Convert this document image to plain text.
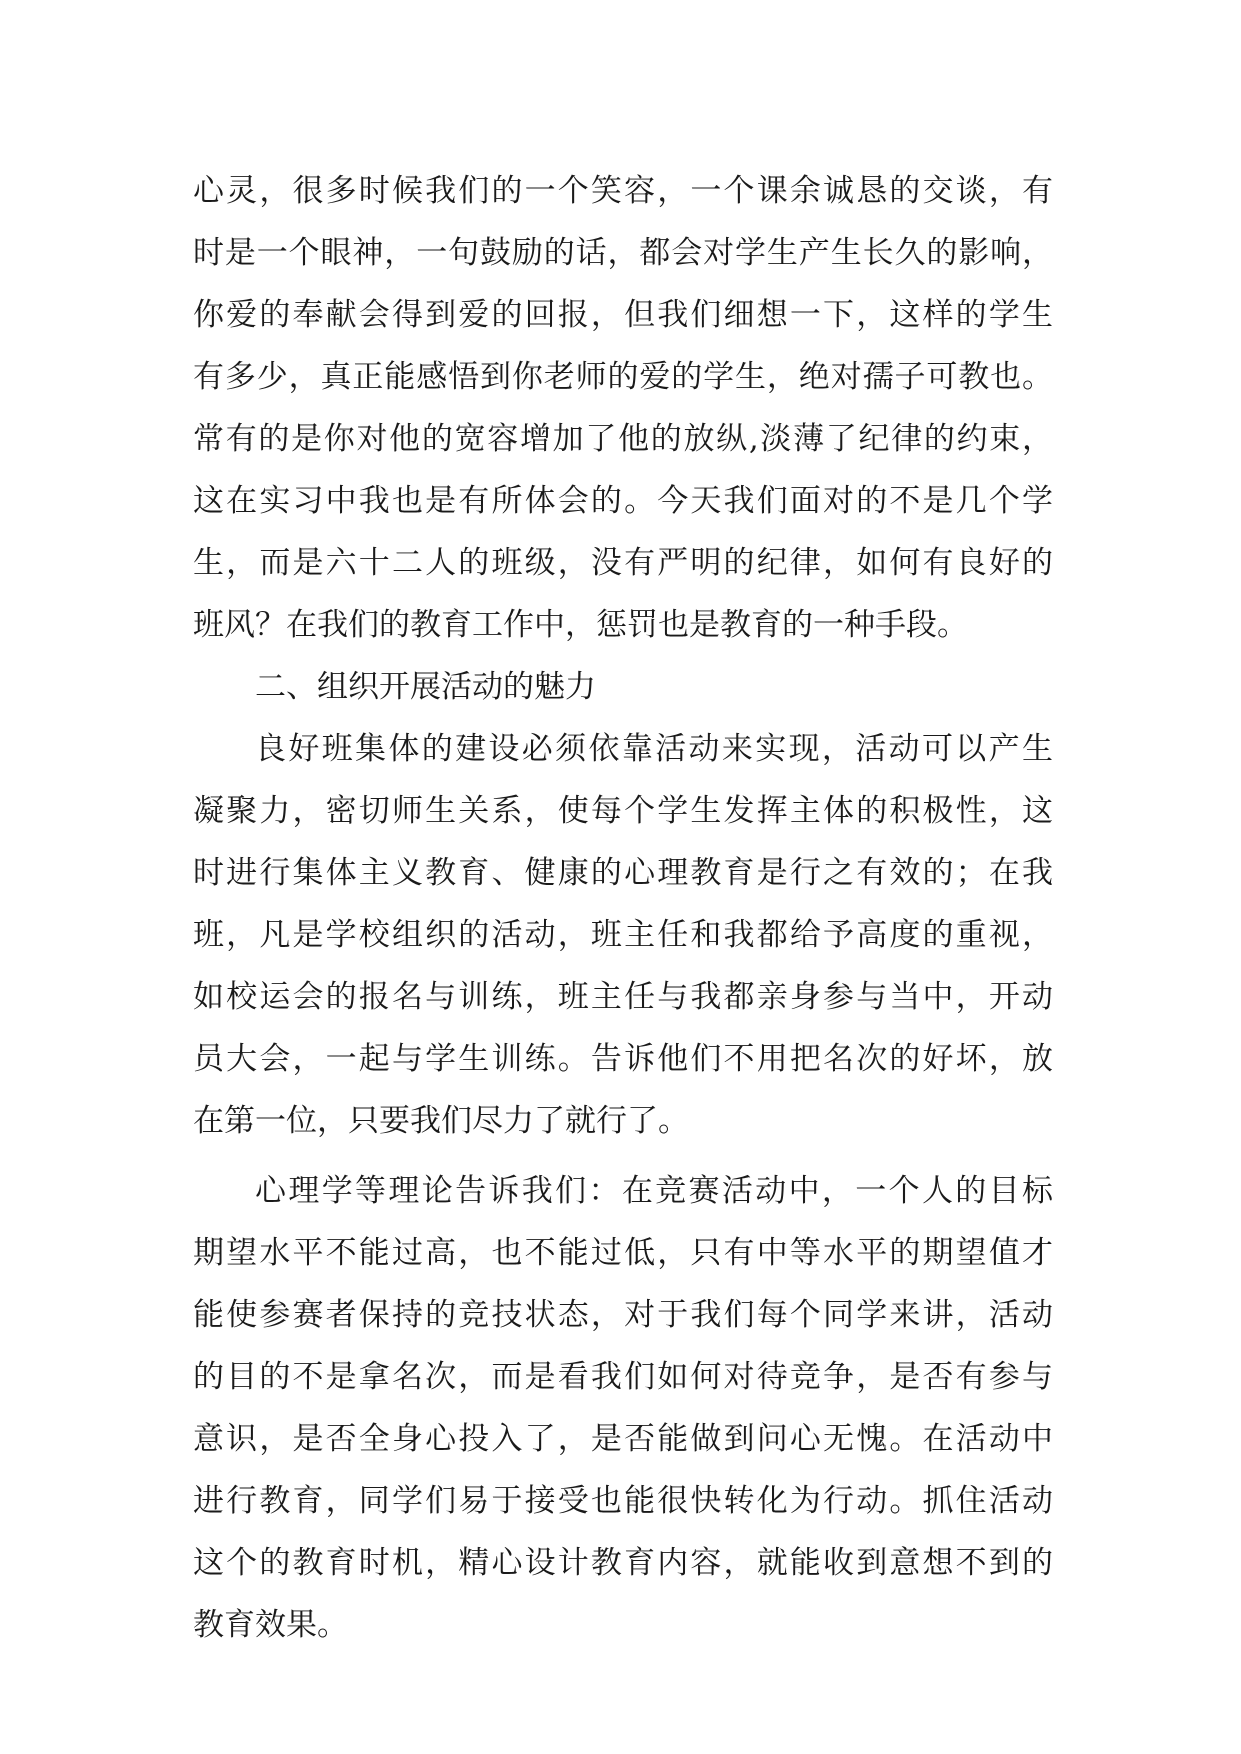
心灵，很多时候我们的一个笑容，一个课余诚恳的交谈，有
时是一个眼神，一句鼓励的话，都会对学生产生长久的影响，
你爱的奉献会得到爱的回报，但我们细想一下，这样的学生
有多少，真正能感悟到你老师的爱的学生，绝对孺子可教也。
常有的是你对他的宽容增加了他的放纵,淡薄了纪律的约束，
这在实习中我也是有所体会的。今天我们面对的不是几个学
生，而是六十二人的班级，没有严明的纪律，如何有良好的
班风？在我们的教育工作中，惩罚也是教育的一种手段。
二、组织开展活动的魅力
良好班集体的建设必须依靠活动来实现，活动可以产生
凝聚力，密切师生关系，使每个学生发挥主体的积极性，这
时进行集体主义教育、健康的心理教育是行之有效的；在我
班，凡是学校组织的活动，班主任和我都给予高度的重视，
如校运会的报名与训练，班主任与我都亲身参与当中，开动
员大会，一起与学生训练。告诉他们不用把名次的好坏，放
在第一位，只要我们尽力了就行了。
心理学等理论告诉我们：在竞赛活动中，一个人的目标
期望水平不能过高，也不能过低，只有中等水平的期望值才
能使参赛者保持的竞技状态，对于我们每个同学来讲，活动
的目的不是拿名次，而是看我们如何对待竞争，是否有参与
意识，是否全身心投入了，是否能做到问心无愧。在活动中
进行教育，同学们易于接受也能很快转化为行动。抓住活动
这个的教育时机，精心设计教育内容，就能收到意想不到的
教育效果。
